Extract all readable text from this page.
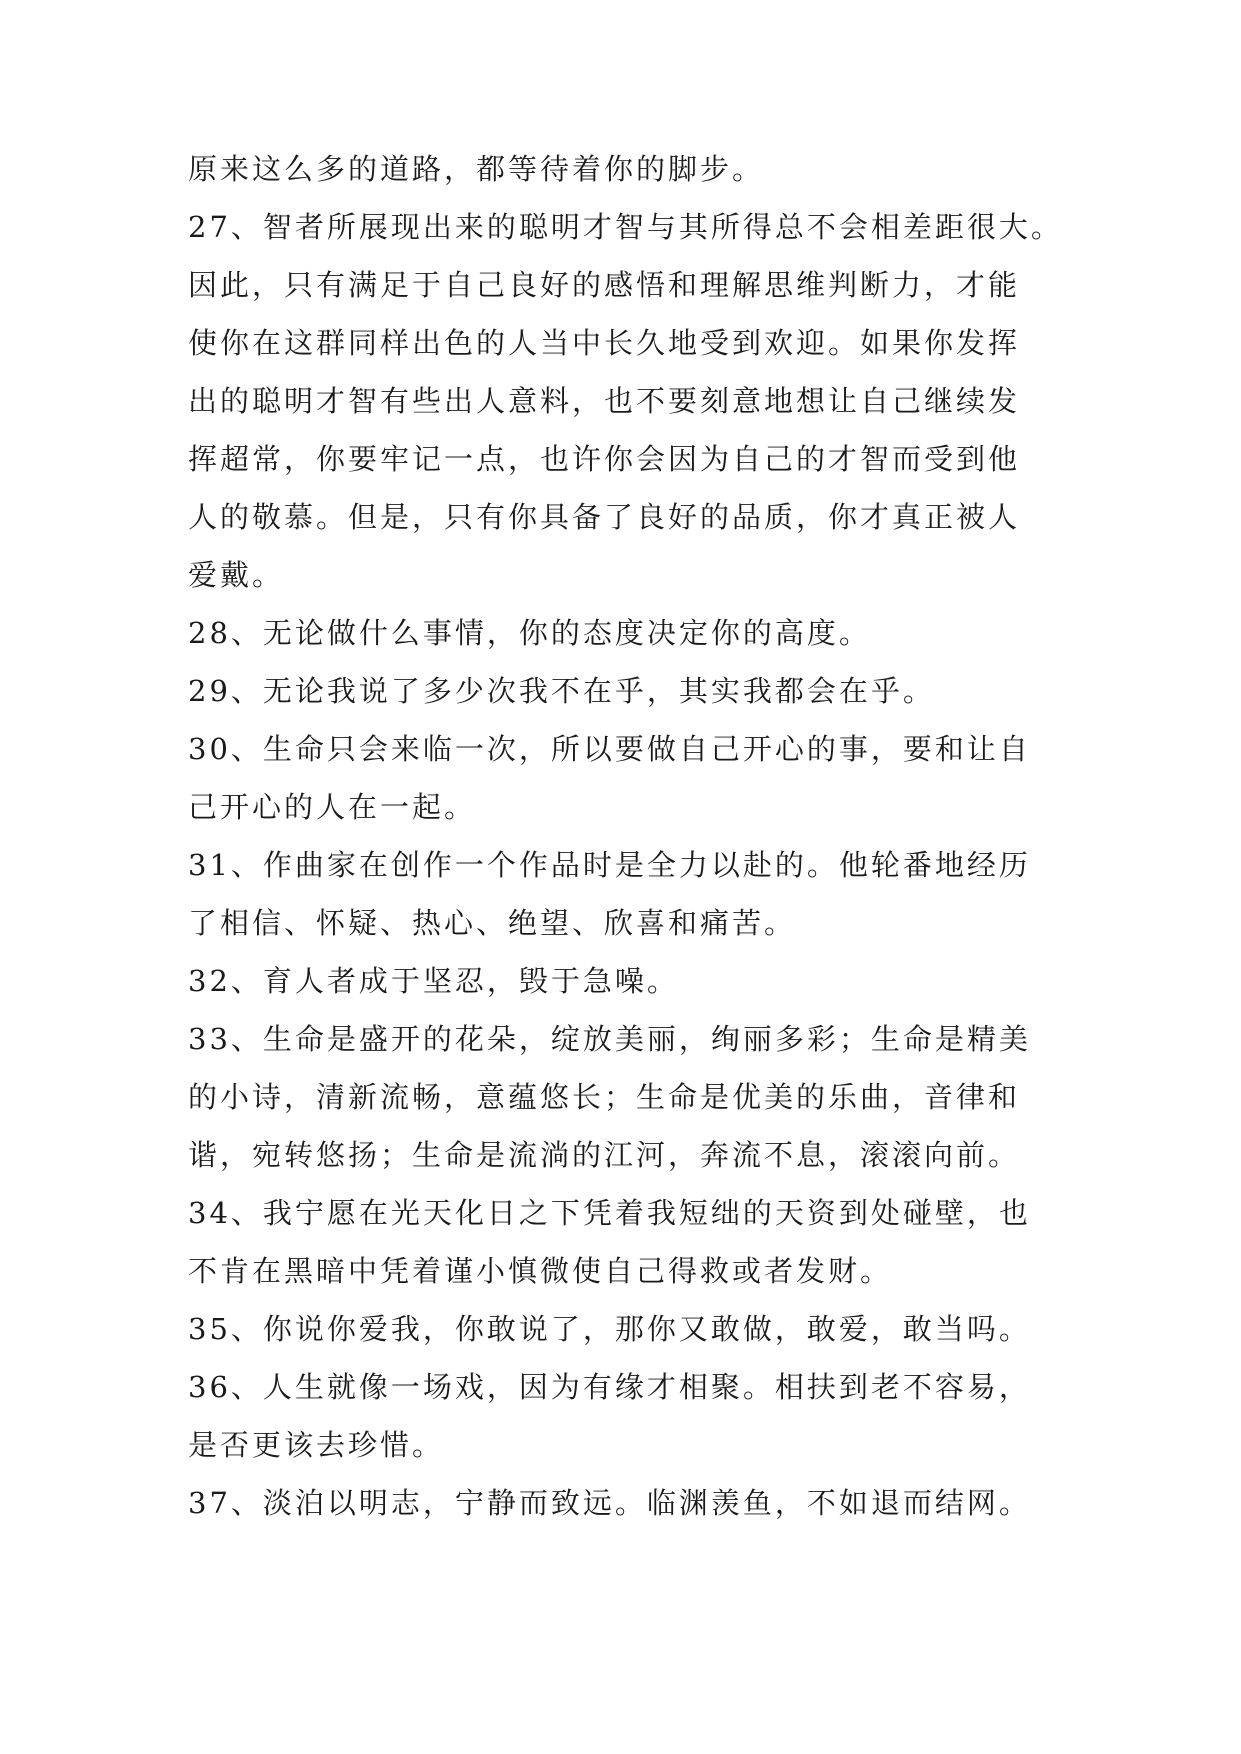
原来这么多的道路，都等待着你的脚步。
27、智者所展现出来的聪明才智与其所得总不会相差距很大。
因此，只有满足于自己良好的感悟和理解思维判断力，才能
使你在这群同样出色的人当中长久地受到欢迎。如果你发挥
出的聪明才智有些出人意料，也不要刻意地想让自己继续发
挥超常，你要牢记一点，也许你会因为自己的才智而受到他
人的敬慕。但是，只有你具备了良好的品质，你才真正被人
爱戴。
28、无论做什么事情，你的态度决定你的高度。
29、无论我说了多少次我不在乎，其实我都会在乎。
30、生命只会来临一次，所以要做自己开心的事，要和让自
己开心的人在一起。
31、作曲家在创作一个作品时是全力以赴的。他轮番地经历
了相信、怀疑、热心、绝望、欣喜和痛苦。
32、育人者成于坚忍，毁于急噪。
33、生命是盛开的花朵，绽放美丽，绚丽多彩；生命是精美
的小诗，清新流畅，意蕴悠长；生命是优美的乐曲，音律和
谐，宛转悠扬；生命是流淌的江河，奔流不息，滚滚向前。
34、我宁愿在光天化日之下凭着我短绌的天资到处碰壁，也
不肯在黑暗中凭着谨小慎微使自己得救或者发财。
35、你说你爱我，你敢说了，那你又敢做，敢爱，敢当吗。
36、人生就像一场戏，因为有缘才相聚。相扶到老不容易，
是否更该去珍惜。
37、淡泊以明志，宁静而致远。临渊羡鱼，不如退而结网。
